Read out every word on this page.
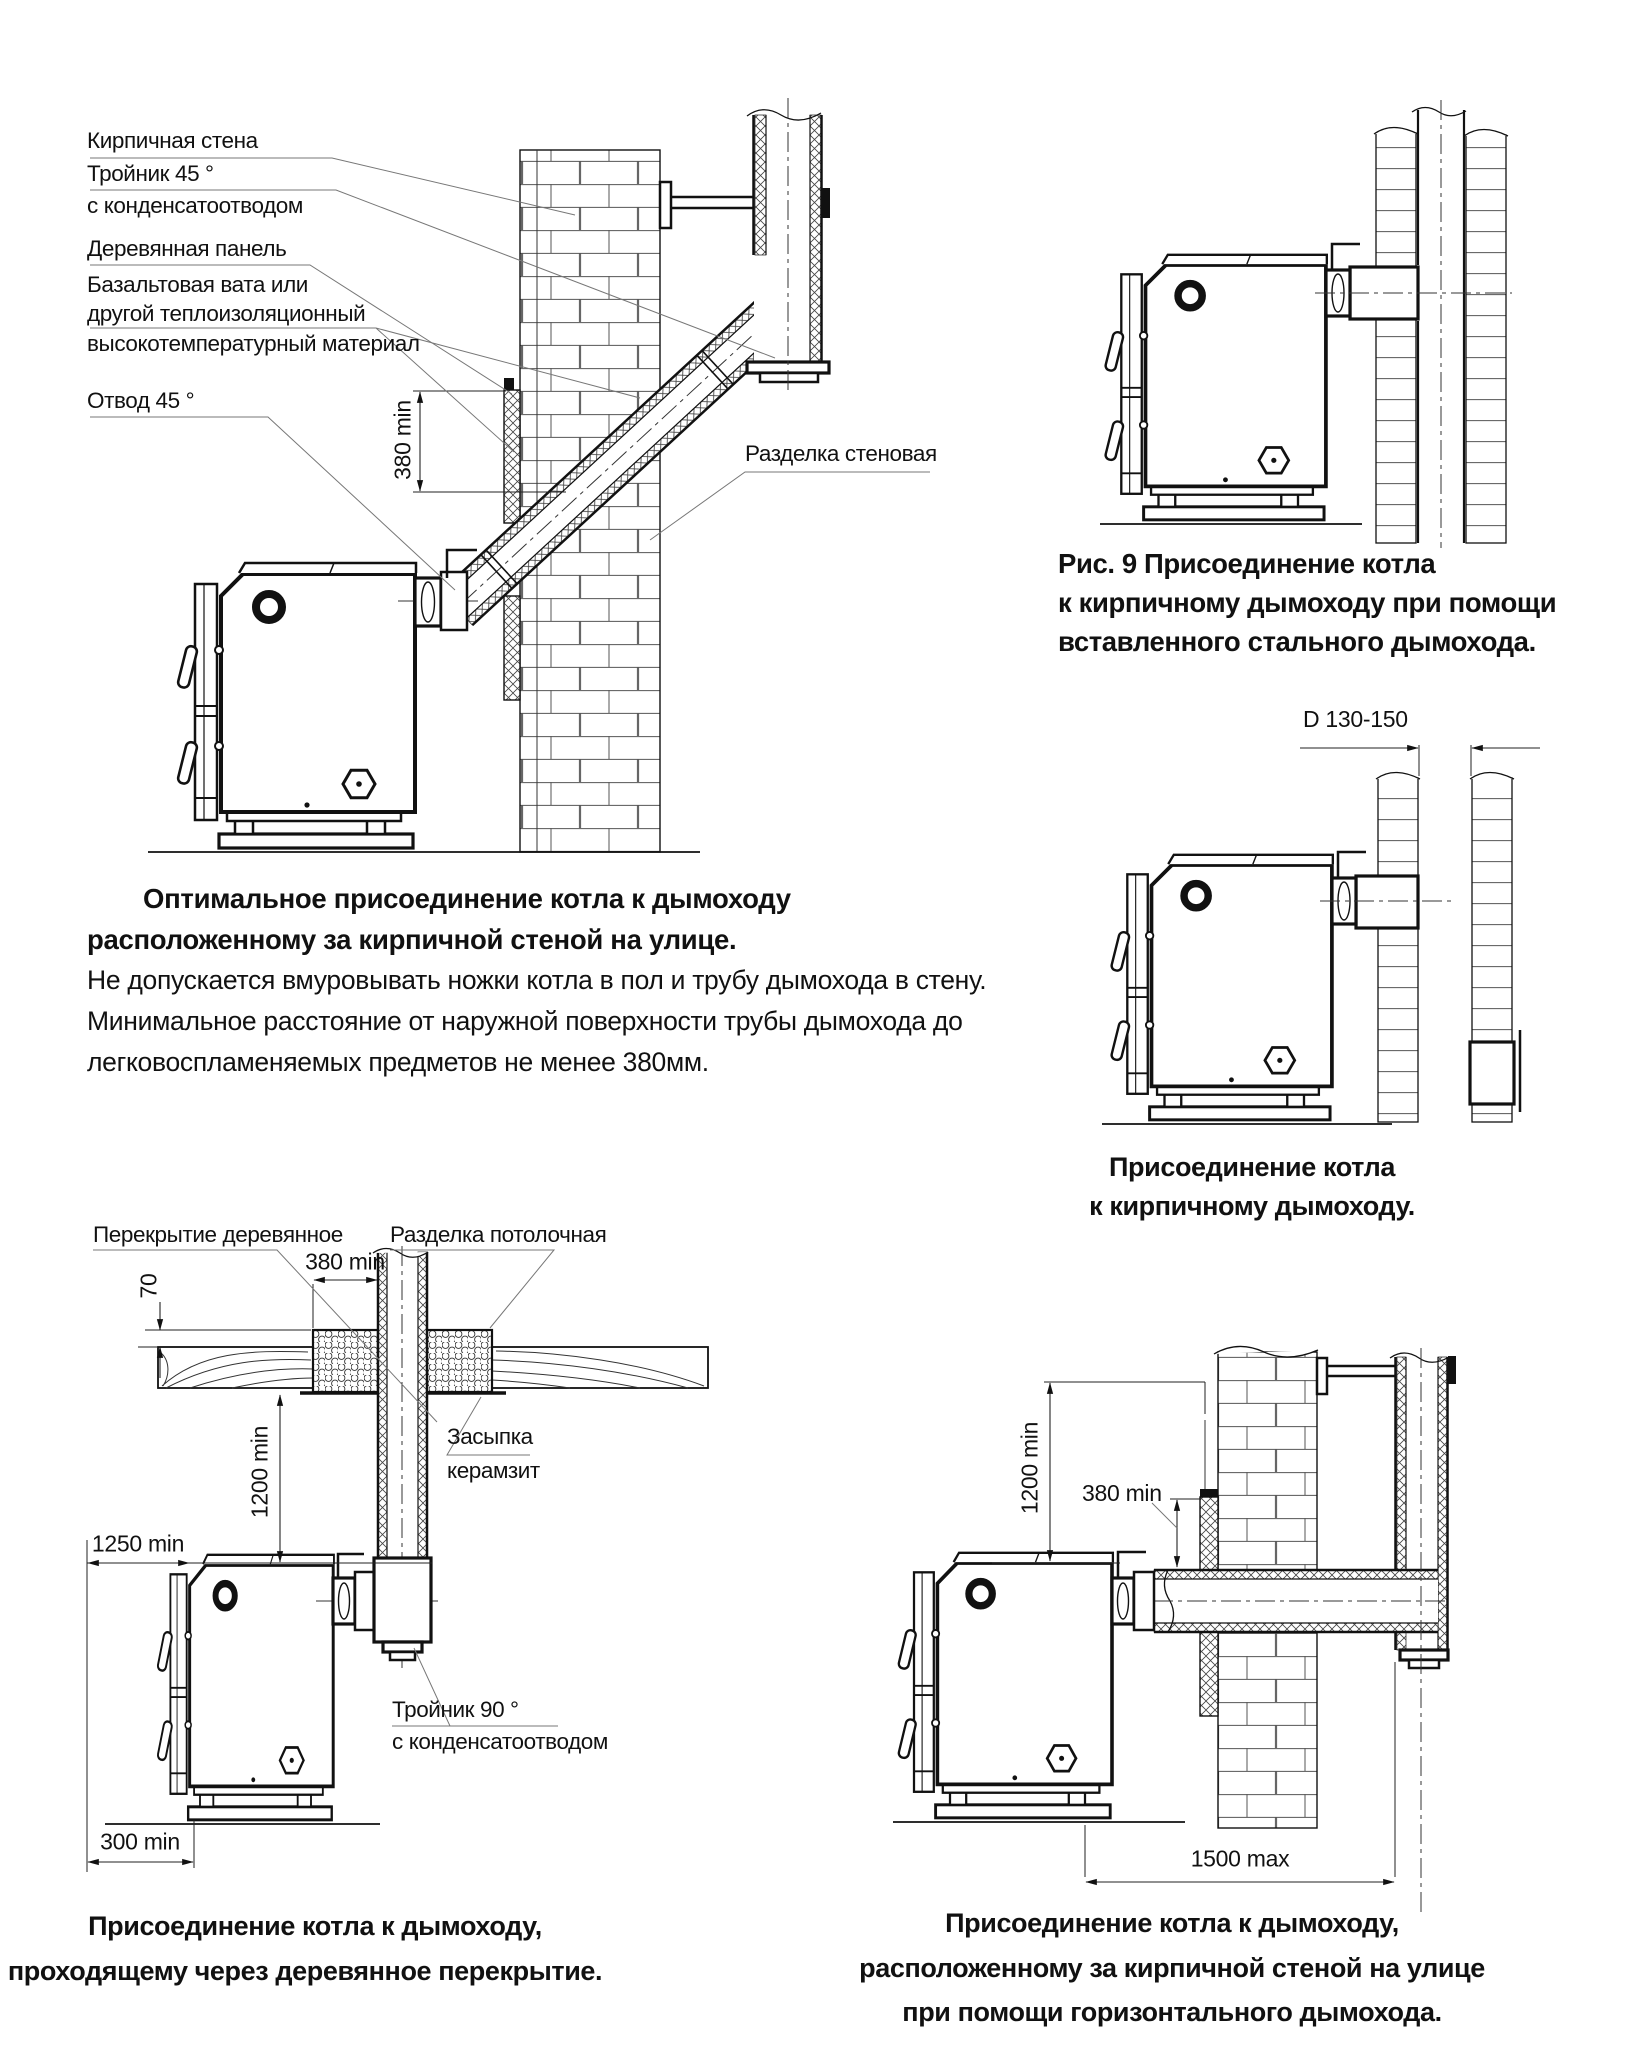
Кирпичная стена
Тройник 45 °
с конденсатоотводом
Деревянная панель
Базальтовая вата или
другой теплоизоляционный
высокотемпературный материал
Отвод 45 °
Разделка стеновая
380 min
Рис. 9 Присоединение котла
к кирпичному дымоходу при помощи
вставленного стального дымохода.
Оптимальное присоединение котла к дымоходу
расположенному за кирпичной стеной на улице.
Не допускается вмуровывать ножки котла в пол и трубу дымохода в стену.
Минимальное расстояние от наружной поверхности трубы дымохода до
легковоспламеняемых предметов не менее 380мм.
D 130-150
Присоединение котла
к кирпичному дымоходу.
Перекрытие деревянное Разделка потолочная
380 min
70
1200 min
1250 min
300 min
Засыпка
керамзит
Тройник 90 °
с конденсатоотводом
Присоединение котла к дымоходу,
проходящему через деревянное перекрытие.
1200 min 380 min
1500 max
Присоединение котла к дымоходу,
расположенному за кирпичной стеной на улице
при помощи горизонтального дымохода.
